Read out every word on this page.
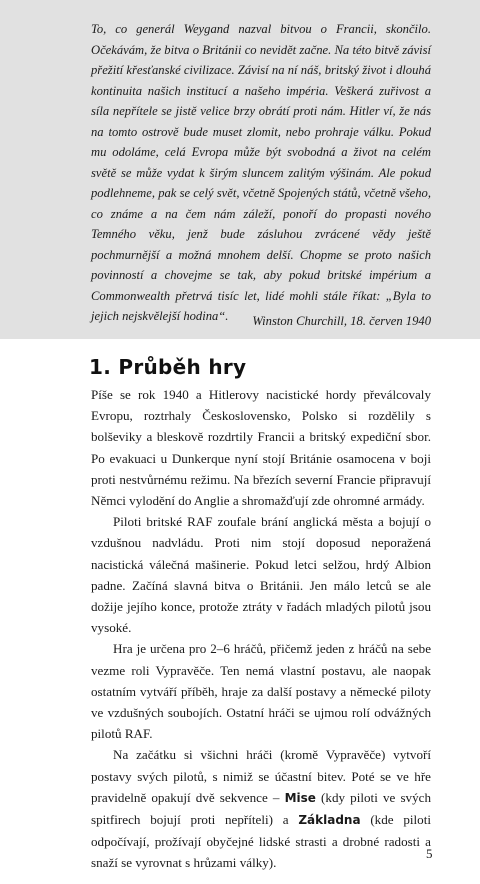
To, co generál Weygand nazval bitvou o Francii, skončilo. Očekávám, že bitva o Británii co nevidět začne. Na této bitvě závisí přežití křesťanské civilizace. Závisí na ní náš, britský život i dlouhá kontinuita našich institucí a našeho impéria. Veškerá zuřivost a síla nepřítele se jistě velice brzy obrátí proti nám. Hitler ví, že nás na tomto ostrově bude muset zlomit, nebo prohraje válku. Pokud mu odoláme, celá Evropa může být svobodná a život na celém světě se může vydat k širým sluncem zalitým výšinám. Ale pokud podlehneme, pak se celý svět, včetně Spojených států, včetně všeho, co známe a na čem nám záleží, ponoří do propasti nového Temného věku, jenž bude zásluhou zvrácené vědy ještě pochmurnější a možná mnohem delší. Chopme se proto našich povinností a chovejme se tak, aby pokud britské impérium a Commonwealth přetrvá tisíc let, lidé mohli stále říkat: „Byla to jejich nejskvělejší hodina“.	Winston Churchill, 18. červen 1940
1. Průběh hry

Píše se rok 1940 a Hitlerovy nacistické hordy převálcovaly Evropu, roztrhaly Československo, Polsko si rozdělily s bolševiky a bleskově rozdrtily Francii a britský expediční sbor. Po evakuaci u Dunkerque nyní stojí Británie osamocena v boji proti nestvůrnému režimu. Na březích severní Francie připravují Němci vylodění do Anglie a shromažďují zde ohromné armády.

Piloti britské RAF zoufale brání anglická města a bojují o vzdušnou nadvládu. Proti nim stojí doposud neporažená nacistická válečná mašinerie. Pokud letci selžou, hrdý Albion padne. Začíná slavná bitva o Británii. Jen málo letců se ale dožije jejího konce, protože ztráty v řadách mladých pilotů jsou vysoké.

Hra je určena pro 2–6 hráčů, přičemž jeden z hráčů na sebe vezme roli Vypravěče. Ten nemá vlastní postavu, ale naopak ostatním vytváří příběh, hraje za další postavy a německé piloty ve vzdušných soubojích. Ostatní hráči se ujmou rolí odvážných pilotů RAF.

Na začátku si všichni hráči (kromě Vypravěče) vytvoří postavy svých pilotů, s nimiž se účastní bitev. Poté se ve hře pravidelně opakují dvě sekvence – Mise (kdy piloti ve svých spitfirech bojují proti nepříteli) a Základna (kde piloti odpočívají, prožívají obyčejné lidské strasti a drobné radosti a snaží se vyrovnat s hrůzami války).

5
